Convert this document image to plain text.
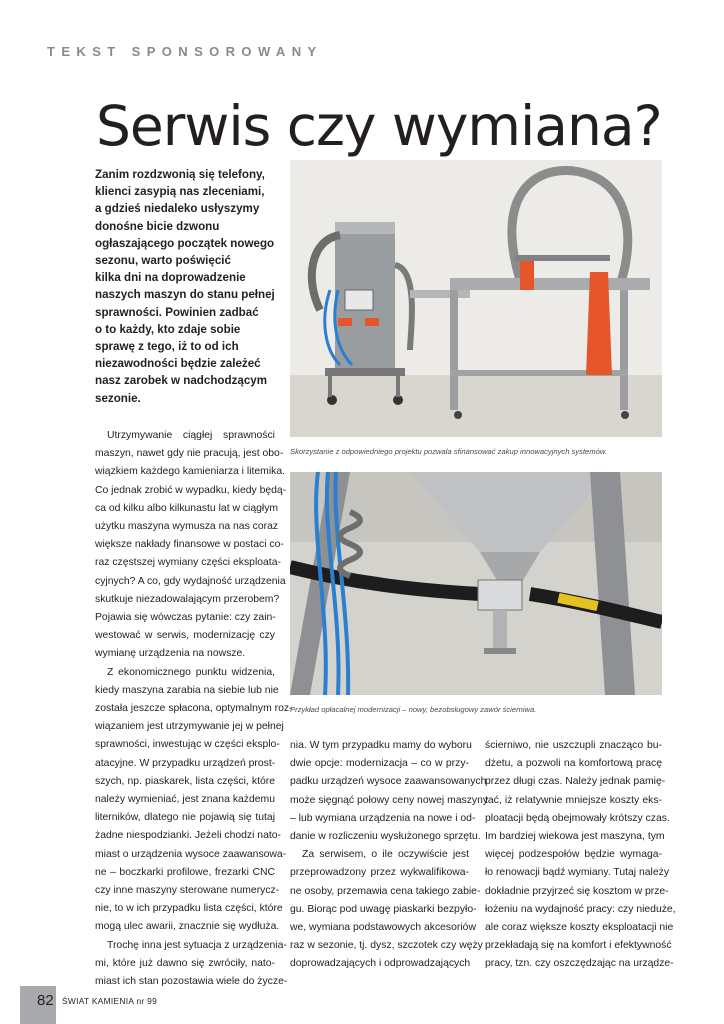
TEKST SPONSOROWANY
Serwis czy wymiana?
Zanim rozdzwonią się telefony,
klienci zasypią nas zleceniami,
a gdzieś niedaleko usłyszymy
donośne bicie dzwonu
ogłaszającego początek nowego
sezonu, warto poświęcić
kilka dni na doprowadzenie
naszych maszyn do stanu pełnej
sprawności. Powinien zadbać
o to każdy, kto zdaje sobie
sprawę z tego, iż to od ich
niezawodności będzie zależeć
nasz zarobek w nadchodzącym
sezonie.
Utrzymywanie ciągłej sprawności
maszyn, nawet gdy nie pracują, jest obo-
wiązkiem każdego kamieniarza i litemika.
Co jednak zrobić w wypadku, kiedy będą-
ca od kilku albo kilkunastu lat w ciągłym
użytku maszyna wymusza na nas coraz
większe nakłady finansowe w postaci co-
raz częstszej wymiany części eksploata-
cyjnych? A co, gdy wydajność urządzenia
skutkuje niezadowalającym przerobem?
Pojawia się wówczas pytanie: czy zain-
westować w serwis, modernizację czy
wymianę urządzenia na nowsze.
Z ekonomicznego punktu widzenia,
kiedy maszyna zarabia na siebie lub nie
została jeszcze spłacona, optymalnym roz-
wiązaniem jest utrzymywanie jej w pełnej
sprawności, inwestując w części eksplo-
atacyjne. W przypadku urządzeń prost-
szych, np. piaskarek, lista części, które
należy wymieniać, jest znana każdemu
literników, dlatego nie pojawią się tutaj
żadne niespodzianki. Jeżeli chodzi nato-
miast o urządzenia wysoce zaawansowa-
ne – boczkarki profilowe, frezarki CNC
czy inne maszyny sterowane numerycz-
nie, to w ich przypadku lista części, które
mogą ulec awarii, znacznie się wydłuża.
Trochę inna jest sytuacja z urządzenia-
mi, które już dawno się zwróciły, nato-
miast ich stan pozostawia wiele do życze-
nia. W tym przypadku mamy do wyboru
dwie opcje: modernizacja – co w przy-
padku urządzeń wysoce zaawansowanych
może sięgnąć połowy ceny nowej maszyny
– lub wymiana urządzenia na nowe i od-
danie w rozliczeniu wysłużonego sprzętu.
Za serwisem, o ile oczywiście jest
przeprowadzony przez wykwalifikowa-
ne osoby, przemawia cena takiego zabie-
gu. Biorąc pod uwagę piaskarki bezpyło-
we, wymiana podstawowych akcesoriów
raz w sezonie, tj. dysz, szczotek czy węży
doprowadzających i odprowadzających
ścierniwo, nie uszczupli znacząco bu-
dżetu, a pozwoli na komfortową pracę
przez długi czas. Należy jednak pamię-
tać, iż relatywnie mniejsze koszty eks-
ploatacji będą obejmowały krótszy czas.
Im bardziej wiekowa jest maszyna, tym
więcej podzespołów będzie wymaga-
ło renowacji bądź wymiany. Tutaj należy
dokładnie przyjrzeć się kosztom w prze-
łożeniu na wydajność pracy: czy nieduże,
ale coraz większe koszty eksploatacji nie
przekładają się na komfort i efektywność
pracy, tzn. czy oszczędzając na urządze-
Skorzystanie z odpowiedniego projektu pozwala sfinansować zakup innowacyjnych systemów.
Przykład opłacalnej modernizacji – nowy, bezobsługowy zawór ścierniwa.
82 ŚWIAT KAMIENIA nr 99
